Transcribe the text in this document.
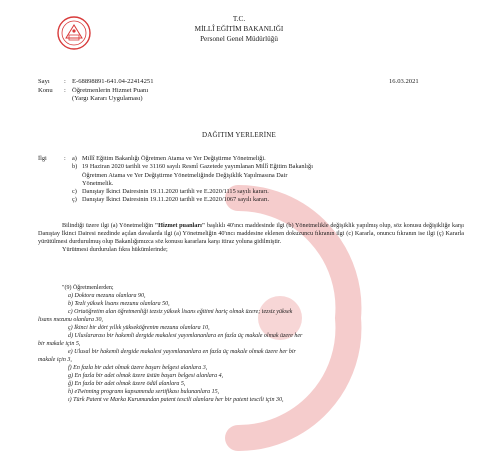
T.C.
MİLLÎ EĞİTİM BAKANLIĞI
Personel Genel Müdürlüğü
Sayı	: E-68898891-641.04-22414251
Konu	: Öğretmenlerin Hizmet Puanı
(Yargı Kararı Uygulaması)
16.03.2021
DAĞITIM YERLERİNE
İlgi	: a) Millî Eğitim Bakanlığı Öğretmen Atama ve Yer Değiştirme Yönetmeliği.
b) 19 Haziran 2020 tarihli ve 31160 sayılı Resmî Gazetede yayımlanan Millî Eğitim Bakanlığı
Öğretmen Atama ve Yer Değiştirme Yönetmeliğinde Değişiklik Yapılmasına Dair
Yönetmelik.
c) Danıştay İkinci Dairesinin 19.11.2020 tarihli ve E.2020/1115 sayılı kararı.
ç) Danıştay İkinci Dairesinin 19.11.2020 tarihli ve E.2020/1067 sayılı kararı.
Bilindiği üzere ilgi (a) Yönetmeliğin "Hizmet puanları" başlıklı 40'ıncı maddesinde ilgi (b) Yönetmelikle değişiklik yapılmış olup, söz konusu değişikliğe karşı Danıştay İkinci Dairesi nezdinde açılan davalarda ilgi (a) Yönetmeliğin 40'ıncı maddesine eklenen dokuzuncu fıkranın ilgi (c) Kararla, onuncu fıkranın ise ilgi (ç) Kararla yürütülmesi durdurulmuş olup Bakanlığımızca söz konusu kararlara karşı itiraz yoluna gidilmiştir.
Yürütmesi durdurulan fıkra hükümlerinde;
"(9) Öğretmenlerden;
a) Doktora mezunu olanlara 90,
b) Tezli yüksek lisans mezunu olanlara 50,
c) Ortaöğretim alan öğretmenliği tezsiz yüksek lisans eğitimi hariç olmak üzere; tezsiz yüksek
lisans mezunu olanlara 30,
ç) İkinci bir dört yıllık yükseköğrenim mezunu olanlara 10,
d) Uluslararası bir hakemli dergide makalesi yayımlananlara en fazla üç makale olmak üzere her
bir makale için 5,
e) Ulusal bir hakemli dergide makalesi yayımlananlara en fazla üç makale olmak üzere her bir
makale için 3,
f) En fazla bir adet olmak üzere başarı belgesi alanlara 3,
g) En fazla bir adet olmak üzere üstün başarı belgesi alanlara 4,
ğ) En fazla bir adet olmak üzere ödül alanlara 5,
h) eTwinning programı kapsamında sertifikası bulunanlara 15,
ı) Türk Patent ve Marka Kurumundan patent tescili alanlara her bir patent tescili için 30,
